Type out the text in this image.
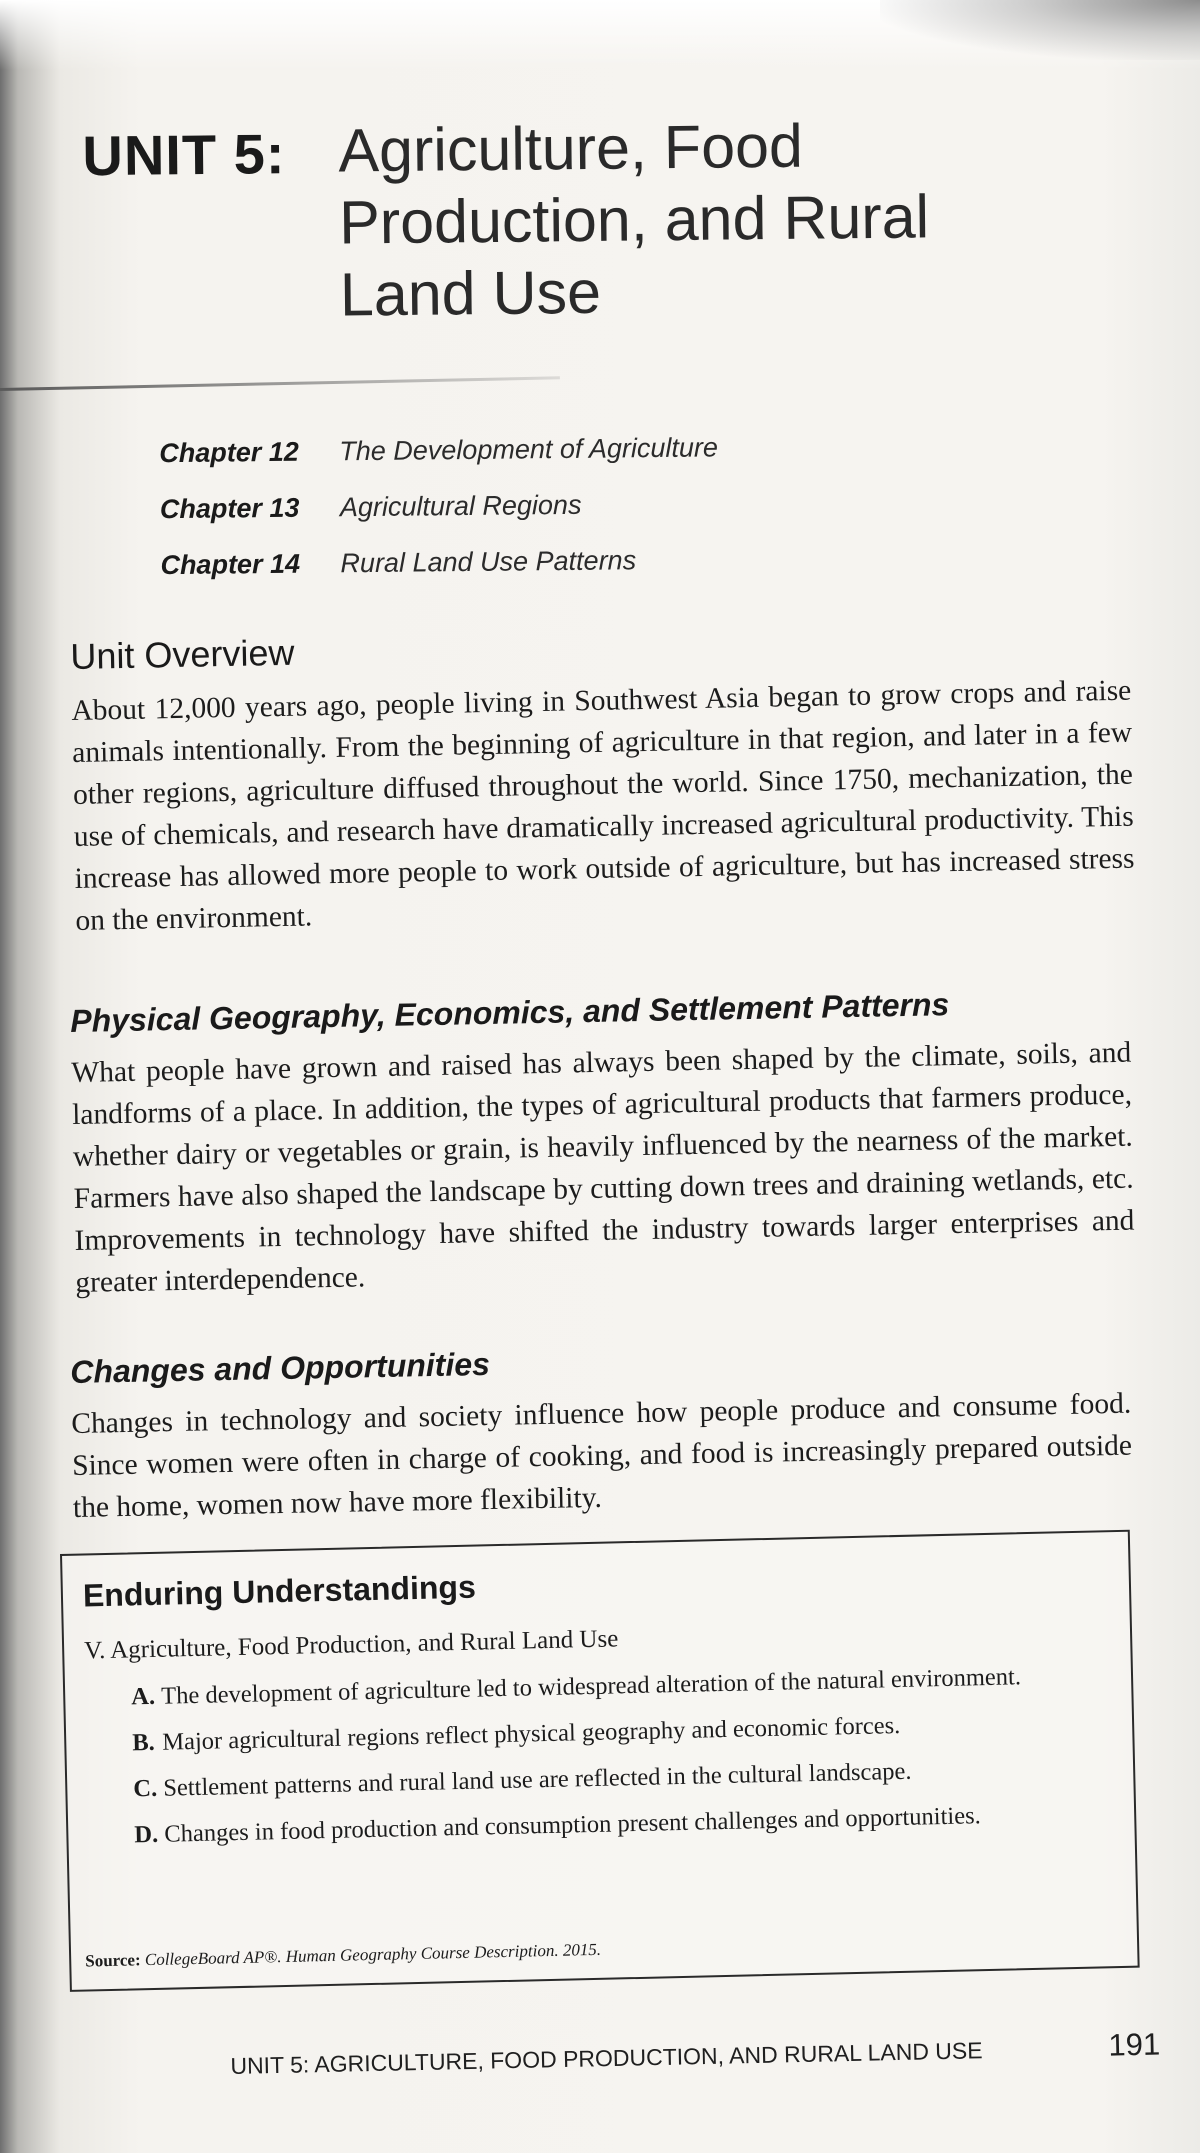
UNIT 5: Agriculture, Food
Production, and Rural
Land Use
Chapter 12	The Development of Agriculture
Chapter 13	Agricultural Regions
Chapter 14	Rural Land Use Patterns
Unit Overview

About 12,000 years ago, people living in Southwest Asia began to grow crops and raise animals intentionally. From the beginning of agriculture in that region, and later in a few other regions, agriculture diffused throughout the world. Since 1750, mechanization, the use of chemicals, and research have dramatically increased agricultural productivity. This increase has allowed more people to work outside of agriculture, but has increased stress on the environment.

Physical Geography, Economics, and Settlement Patterns

What people have grown and raised has always been shaped by the climate, soils, and landforms of a place. In addition, the types of agricultural products that farmers produce, whether dairy or vegetables or grain, is heavily influenced by the nearness of the market. Farmers have also shaped the landscape by cutting down trees and draining wetlands, etc. Improvements in technology have shifted the industry towards larger enterprises and greater interdependence.

Changes and Opportunities

Changes in technology and society influence how people produce and consume food. Since women were often in charge of cooking, and food is increasingly prepared outside the home, women now have more flexibility.

Enduring Understandings
V. Agriculture, Food Production, and Rural Land Use
A. The development of agriculture led to widespread alteration of the natural environment.
B. Major agricultural regions reflect physical geography and economic forces.
C. Settlement patterns and rural land use are reflected in the cultural landscape.
D. Changes in food production and consumption present challenges and opportunities.
Source: CollegeBoard AP®. Human Geography Course Description. 2015.
UNIT 5: AGRICULTURE, FOOD PRODUCTION, AND RURAL LAND USE	191
